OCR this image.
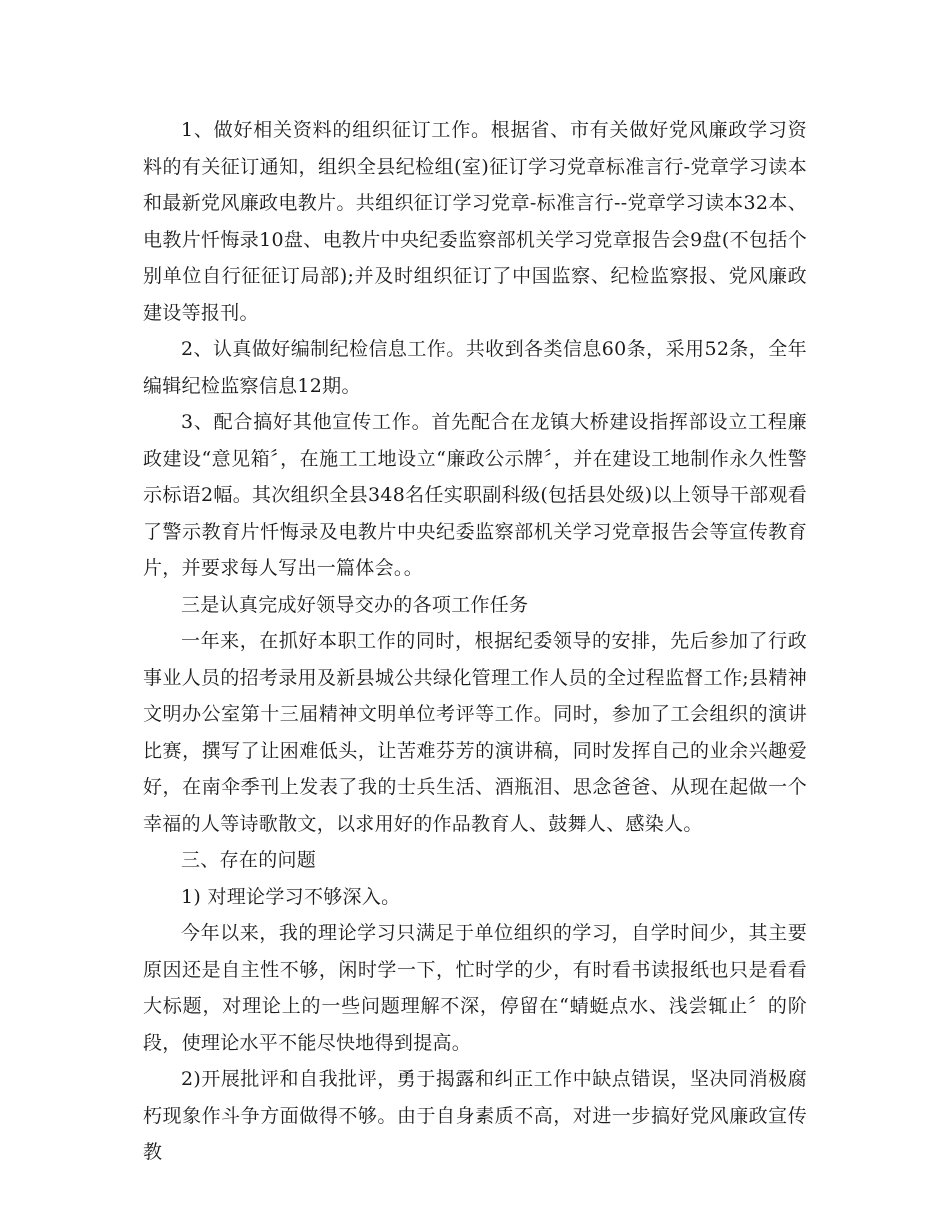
1、做好相关资料的组织征订工作。根据省、市有关做好党风廉政学习资料的有关征订通知，组织全县纪检组(室)征订学习党章标准言行-党章学习读本和最新党风廉政电教片。共组织征订学习党章-标准言行--党章学习读本32本、电教片忏悔录10盘、电教片中央纪委监察部机关学习党章报告会9盘(不包括个别单位自行征征订局部);并及时组织征订了中国监察、纪检监察报、党风廉政建设等报刊。

2、认真做好编制纪检信息工作。共收到各类信息60条，采用52条，全年编辑纪检监察信息12期。

3、配合搞好其他宣传工作。首先配合在龙镇大桥建设指挥部设立工程廉政建设“意见箱〞，在施工工地设立“廉政公示牌〞，并在建设工地制作永久性警示标语2幅。其次组织全县348名任实职副科级(包括县处级)以上领导干部观看了警示教育片忏悔录及电教片中央纪委监察部机关学习党章报告会等宣传教育片，并要求每人写出一篇体会。。

三是认真完成好领导交办的各项工作任务

一年来，在抓好本职工作的同时，根据纪委领导的安排，先后参加了行政事业人员的招考录用及新县城公共绿化管理工作人员的全过程监督工作;县精神文明办公室第十三届精神文明单位考评等工作。同时，参加了工会组织的演讲比赛，撰写了让困难低头，让苦难芬芳的演讲稿，同时发挥自己的业余兴趣爱好，在南伞季刊上发表了我的士兵生活、酒瓶泪、思念爸爸、从现在起做一个幸福的人等诗歌散文，以求用好的作品教育人、鼓舞人、感染人。

三、存在的问题

1) 对理论学习不够深入。

今年以来，我的理论学习只满足于单位组织的学习，自学时间少，其主要原因还是自主性不够，闲时学一下，忙时学的少，有时看书读报纸也只是看看大标题，对理论上的一些问题理解不深，停留在“蜻蜓点水、浅尝辄止〞的阶段，使理论水平不能尽快地得到提高。

2)开展批评和自我批评，勇于揭露和纠正工作中缺点错误，坚决同消极腐朽现象作斗争方面做得不够。由于自身素质不高，对进一步搞好党风廉政宣传教
